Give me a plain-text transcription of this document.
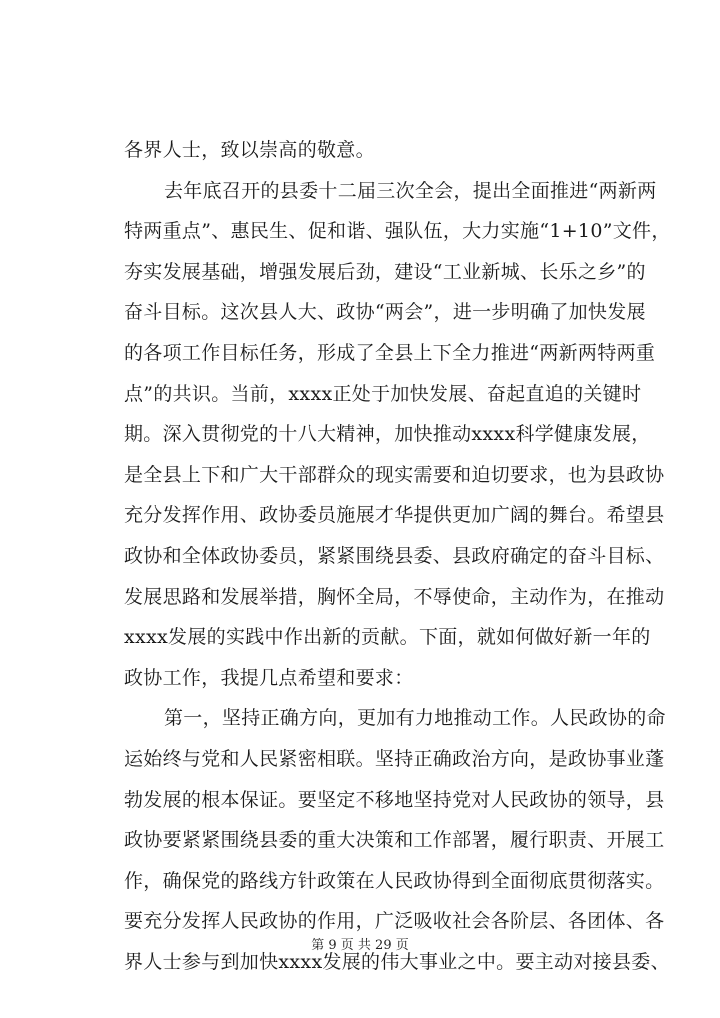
各界人士，致以崇高的敬意。
去年底召开的县委十二届三次全会，提出全面推进“两新两
特两重点”、惠民生、促和谐、强队伍，大力实施“1+10”文件，
夯实发展基础，增强发展后劲，建设“工业新城、长乐之乡”的
奋斗目标。这次县人大、政协“两会”，进一步明确了加快发展
的各项工作目标任务，形成了全县上下全力推进“两新两特两重
点”的共识。当前，xxxx正处于加快发展、奋起直追的关键时
期。深入贯彻党的十八大精神，加快推动xxxx科学健康发展，
是全县上下和广大干部群众的现实需要和迫切要求，也为县政协
充分发挥作用、政协委员施展才华提供更加广阔的舞台。希望县
政协和全体政协委员，紧紧围绕县委、县政府确定的奋斗目标、
发展思路和发展举措，胸怀全局，不辱使命，主动作为，在推动
xxxx发展的实践中作出新的贡献。下面，就如何做好新一年的
政协工作，我提几点希望和要求：
第一，坚持正确方向，更加有力地推动工作。人民政协的命
运始终与党和人民紧密相联。坚持正确政治方向，是政协事业蓬
勃发展的根本保证。要坚定不移地坚持党对人民政协的领导，县
政协要紧紧围绕县委的重大决策和工作部署，履行职责、开展工
作，确保党的路线方针政策在人民政协得到全面彻底贯彻落实。
要充分发挥人民政协的作用，广泛吸收社会各阶层、各团体、各
界人士参与到加快xxxx发展的伟大事业之中。要主动对接县委、
第 9 页 共 29 页
